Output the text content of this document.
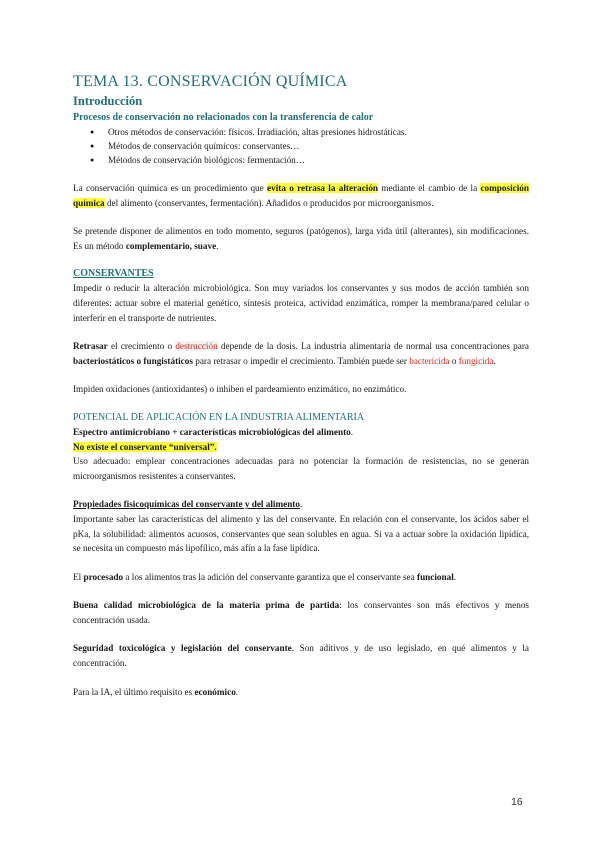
TEMA 13. CONSERVACIÓN QUÍMICA
Introducción
Procesos de conservación no relacionados con la transferencia de calor
● Otros métodos de conservación: físicos. Irradiación, altas presiones hidrostáticas.
● Métodos de conservación químicos: conservantes…
● Métodos de conservación biológicos: fermentación…

La conservación química es un procedimiento que evita o retrasa la alteración mediante el cambio de la composición química del alimento (conservantes, fermentación). Añadidos o producidos por microorganismos.

Se pretende disponer de alimentos en todo momento, seguros (patógenos), larga vida útil (alterantes), sin modificaciones. Es un método complementario, suave.

CONSERVANTES

Impedir o reducir la alteración microbiológica. Son muy variados los conservantes y sus modos de acción también son diferentes: actuar sobre el material genético, síntesis proteica, actividad enzimática, romper la membrana/pared celular o interferir en el transporte de nutrientes.

Retrasar el crecimiento o destrucción depende de la dosis. La industria alimentaria de normal usa concentraciones para bacteriostáticos o fungistáticos para retrasar o impedir el crecimiento. También puede ser bactericida o fungicida.

Impiden oxidaciones (antioxidantes) o inhiben el pardeamiento enzimático, no enzimático.

POTENCIAL DE APLICACIÓN EN LA INDUSTRIA ALIMENTARIA

Espectro antimicrobiano + características microbiológicas del alimento.

No existe el conservante “universal”.

Uso adecuado: emplear concentraciones adecuadas para no potenciar la formación de resistencias, no se generan microorganismos resistentes a conservantes.

Propiedades fisicoquímicas del conservante y del alimento.

Importante saber las características del alimento y las del conservante. En relación con el conservante, los ácidos saber el pKa, la solubilidad: alimentos acuosos, conservantes que sean solubles en agua. Si va a actuar sobre la oxidación lipídica, se necesita un compuesto más lipofílico, más afín a la fase lipídica.

El procesado a los alimentos tras la adición del conservante garantiza que el conservante sea funcional.

Buena calidad microbiológica de la materia prima de partida: los conservantes son más efectivos y menos concentración usada.

Seguridad toxicológica y legislación del conservante. Son aditivos y de uso legislado, en qué alimentos y la concentración.

Para la IA, el último requisito es económico.

16
